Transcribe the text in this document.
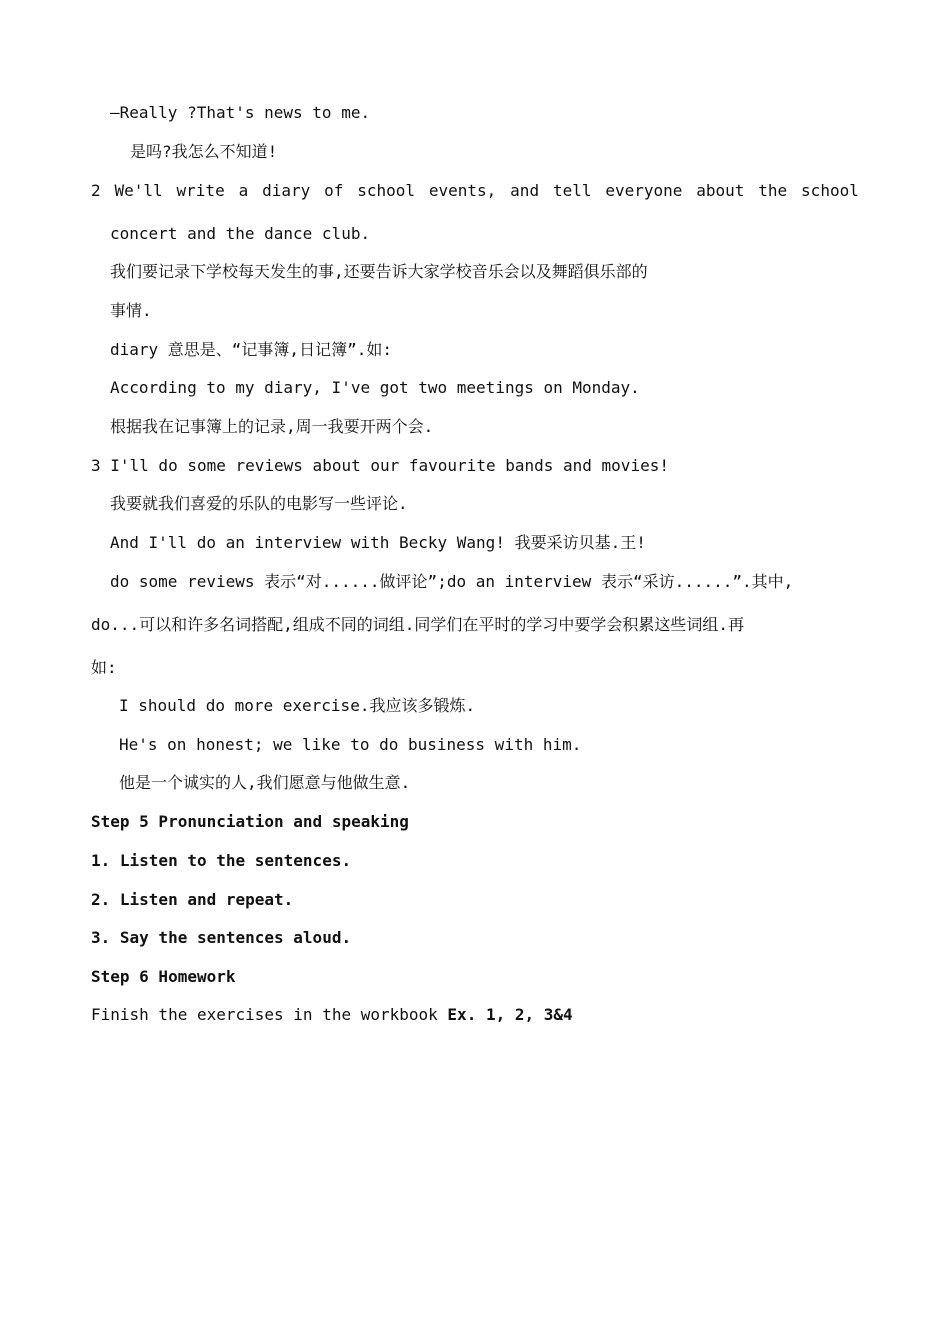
—Really ?That's news to me.
是吗?我怎么不知道!
2 We'll write a diary of school events, and tell everyone about the school
concert and the dance club.
我们要记录下学校每天发生的事,还要告诉大家学校音乐会以及舞蹈俱乐部的
事情.
diary 意思是、“记事簿,日记簿”.如:
According to my diary, I've got two meetings on Monday.
根据我在记事簿上的记录,周一我要开两个会.
3 I'll do some reviews about our favourite bands and movies!
我要就我们喜爱的乐队的电影写一些评论.
And I'll do an interview with Becky Wang! 我要采访贝基.王!
do some reviews 表示“对......做评论”;do an interview 表示“采访......”.其中,
do...可以和许多名词搭配,组成不同的词组.同学们在平时的学习中要学会积累这些词组.再
如:
I should do more exercise.我应该多锻炼.
He's on honest; we like to do business with him.
他是一个诚实的人,我们愿意与他做生意.
Step 5 Pronunciation and speaking
1. Listen to the sentences.
2. Listen and repeat.
3. Say the sentences aloud.
Step 6 Homework
Finish the exercises in the workbook Ex. 1, 2, 3&4
